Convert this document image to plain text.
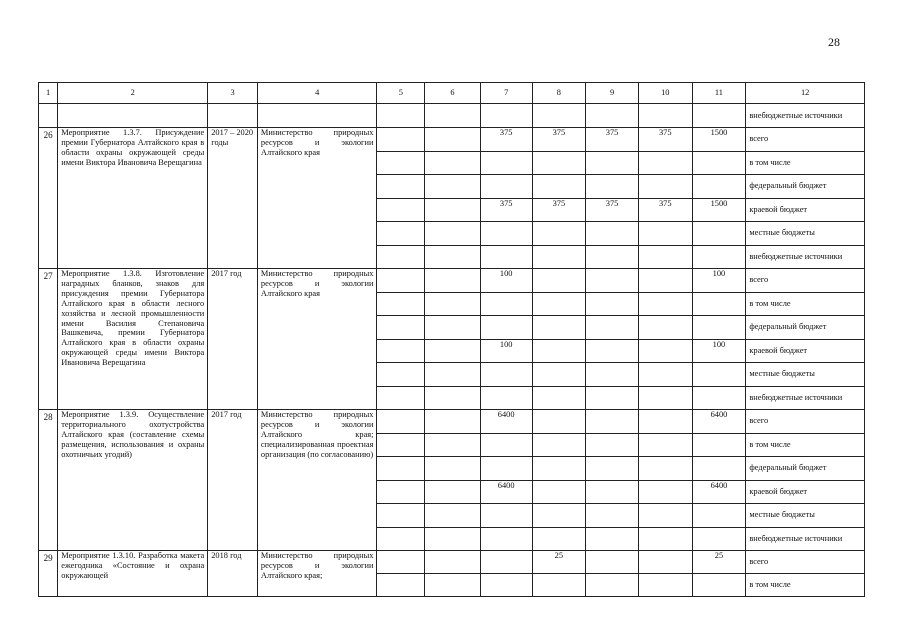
28
1	2	3	4	5	6	7	8	9	10	11	12
											внебюджетные источники
26	Мероприятие 1.3.7. Присуждение премии Губернатора Алтайского края в области охраны окружающей среды имени Виктора Ивановича Верещагина	2017 – 2020 годы	Министерство природных ресурсов и экологии Алтайского края			375	375	375	375	1500	всего
											в том числе
											федеральный бюджет
						375	375	375	375	1500	краевой бюджет
											местные бюджеты
											внебюджетные источники
27	Мероприятие 1.3.8. Изготовление наградных бланков, знаков для присуждения премии Губернатора Алтайского края в области лесного хозяйства и лесной промышленности имени Василия Степановича Вашкевича, премии Губернатора Алтайского края в области охраны окружающей среды имени Виктора Ивановича Верещагина	2017 год	Министерство природных ресурсов и экологии Алтайского края			100				100	всего
											в том числе
											федеральный бюджет
						100				100	краевой бюджет
											местные бюджеты
											внебюджетные источники
28	Мероприятие 1.3.9. Осуществление территориального охотустройства Алтайского края (составление схемы размещения, использования и охраны охотничьих угодий)	2017 год	Министерство природных ресурсов и экологии Алтайского края; специализированная проектная организация (по согласованию)			6400				6400	всего
											в том числе
											федеральный бюджет
						6400				6400	краевой бюджет
											местные бюджеты
											внебюджетные источники
29	Мероприятие 1.3.10. Разработка макета ежегодника «Состояние и охрана окружающей	2018 год	Министерство природных ресурсов и экологии Алтайского края;				25			25	всего
											в том числе
